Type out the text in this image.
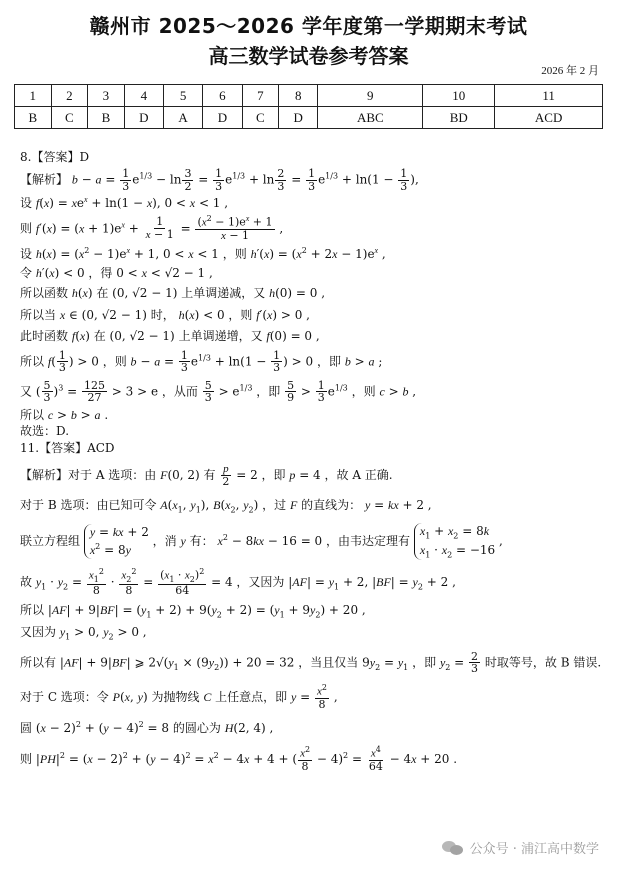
赣州市 2025～2026 学年度第一学期期末考试
高三数学试卷参考答案
2026 年 2 月
1	2	3	4	5	6	7	8	9	10	11
B	C	B	D	A	D	C	D	ABC	BD	ACD

8.【答案】D

【解析】 $b - a = \frac{1}{3} e^{1/3} - \ln \frac{3}{2} = \frac{1}{3} e^{1/3} + \ln \frac{2}{3} = \frac{1}{3} e^{1/3} + \ln(1 - \frac{1}{3}$ ),

设 $f(x) = xe^x + \ln(1 - x)$, 0 < x < 1 ,

则 $f'(x) = (x + 1)e^x + \frac{1}{x - 1} = \frac{(x^2 - 1)e^x + 1}{x - 1}$ ,

设 $h(x) = (x^2 - 1)e^x + 1$, 0 < x < 1 ，则 $h'(x) = (x^2 + 2x - 1)e^x$ ,

令 h′(x) < 0 ，得 0 < x < √2 − 1 ,

所以函数 h(x) 在 (0, √2 − 1) 上单调递减，又 h(0) = 0 ,

所以当 x ∈ (0, √2 − 1) 时， h(x) < 0 ，则 f′(x) > 0 ,

此时函数 f(x) 在 (0, √2 − 1) 上单调递增，又 f(0) = 0 ,

所以 $f( \frac{1}{3}$ ) > 0 ，则 $b - a = \frac{1}{3} e^{1/3} + \ln(1 - \frac{1}{3}$ ) > 0 ，即 b > a ;

又 ( $\frac{5}{3} )^3 = \frac{125}{27} > 3 > e$ ，从而 $\frac{5}{3} > e^{1/3}$ ，即 $\frac{5}{9} > \frac{1}{3} e^{1/3}$ ，则 c > b ,

所以 c > b > a .

故选：D.

11.【答案】ACD

【解析】对于 A 选项：由 F(0, 2) 有 $\frac{p}{2} = 2$ ，即 p = 4 ，故 A 正确.

对于 B 选项：由已知可令 $A(x_1$, $y_1$), $B(x_2$, $y_2$) ，过 F 的直线为： y = kx + 2 ,

联立方程组
y = kx + 2
$x^2 = 8y$
，消 y 有： $x^2 - 8kx - 16 = 0$ ，由韦达定理有
$x_1 + x_2 = 8k$
$x_1 \cdot x_2 = -16$
,

故 $y_1 \cdot y_2 = \frac{x_1^2}{8} \cdot \frac{x_2^2}{8} = \frac{(x_1 \cdot x_2)^2}{64} = 4$ ，又因为 $|AF| = y_1 + 2$, $|BF| = y_2 + 2$ ,

所以 $|AF| + 9|BF| = (y_1 + 2) + 9(y_2 + 2) = (y_1 + 9y_2) + 20$ ,

又因为 $y_1 > 0$, $y_2 > 0$ ,

所以有 |AF| + 9|BF| ⩾ $2√(y_1 \times (9y_2)) + 20 = 32$ ，当且仅当 $9y_2 = y_1$ ，即 $y_2 = \frac{2}{3}$ 时取等号，故 B 错误.

对于 C 选项：令 P(x, y) 为抛物线 C 上任意点，即 $y = \frac{x^2}{8}$ ,

圆 $(x - 2)^2 + (y - 4)^2 = 8$ 的圆心为 H(2, 4) ,

则 $|PH|^2 = (x - 2)^2 + (y - 4)^2 = x^2 - 4x + 4$ + ( $\frac{x^2}{8} - 4)^2 = \frac{x^4}{64} - 4x + 20$ .

公众号 · 浦江高中数学
